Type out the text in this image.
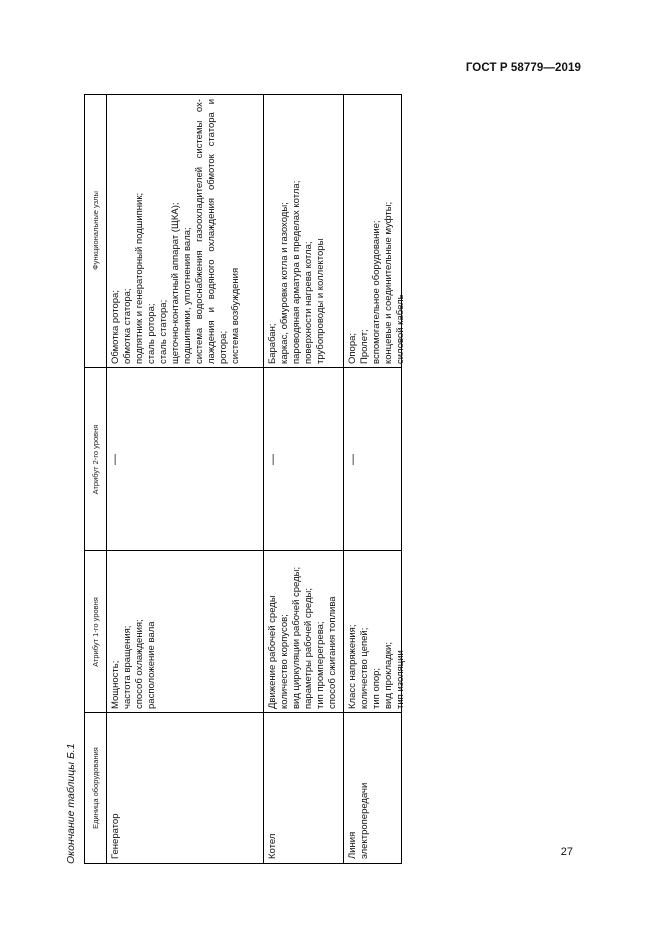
ГОСТ Р 58779—2019
Окончание таблицы Б.1	Единица оборудования
Атрибут 1-го уровня
Атрибут 2-го уровня
Функциональные узлы
Генератор
Мощность; частота вращения; способ охлаждения; расположение вала
—
Обмотка ротора; обмотка статора; подпятник и генераторный подшипник; сталь ротора; сталь статора; щеточно-контактный аппарат (ЩКА); подшипники, уплотнения вала; система водоснабжения газоохладителей системы ох-лаждения и водяного охлаждения обмоток статора и ротора; система возбуждения
Котел
Движение рабочей среды количество корпусов; вид циркуляции рабочей среды; параметры рабочей среды; тип промперегрева; способ сжигания топлива
—
Барабан; каркас, обмуровка котла и газоходы; пароводяная арматура в пределах котла; поверхности нагрева котла; трубопроводы и коллекторы
Линия электропередачи
Класс напряжения; количество цепей; тип опор; вид прокладки; тип изоляции
—
Опора; Пролет; вспомогательное оборудование; концевые и соединительные муфты; силовой кабель
27
